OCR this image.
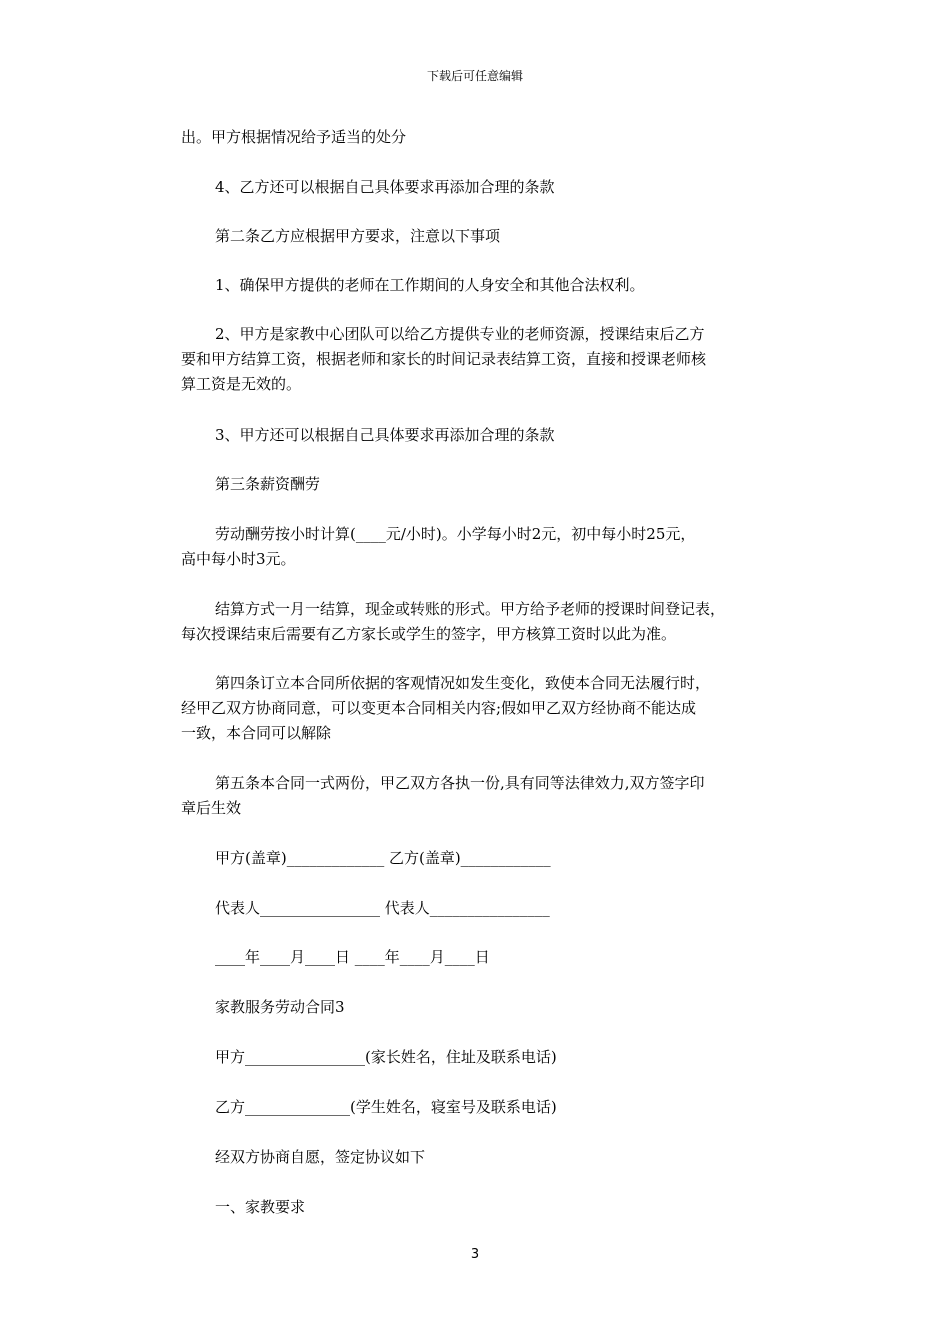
下载后可任意编辑

出。甲方根据情况给予适当的处分

4、乙方还可以根据自己具体要求再添加合理的条款

第二条乙方应根据甲方要求，注意以下事项

1、确保甲方提供的老师在工作期间的人身安全和其他合法权利。

2、甲方是家教中心团队可以给乙方提供专业的老师资源，授课结束后乙方
要和甲方结算工资，根据老师和家长的时间记录表结算工资，直接和授课老师核
算工资是无效的。

3、甲方还可以根据自己具体要求再添加合理的条款

第三条薪资酬劳

劳动酬劳按小时计算(____元/小时)。小学每小时2元，初中每小时25元，
高中每小时3元。

结算方式一月一结算，现金或转账的形式。甲方给予老师的授课时间登记表，
每次授课结束后需要有乙方家长或学生的签字，甲方核算工资时以此为准。

第四条订立本合同所依据的客观情况如发生变化，致使本合同无法履行时，
经甲乙双方协商同意，可以变更本合同相关内容;假如甲乙双方经协商不能达成
一致，本合同可以解除

第五条本合同一式两份，甲乙双方各执一份,具有同等法律效力,双方签字印
章后生效

甲方(盖章)_____________ 乙方(盖章)____________

代表人________________ 代表人________________

____年____月____日 ____年____月____日

家教服务劳动合同3

甲方________________(家长姓名，住址及联系电话)

乙方______________(学生姓名，寝室号及联系电话)

经双方协商自愿，签定协议如下

一、家教要求

3
